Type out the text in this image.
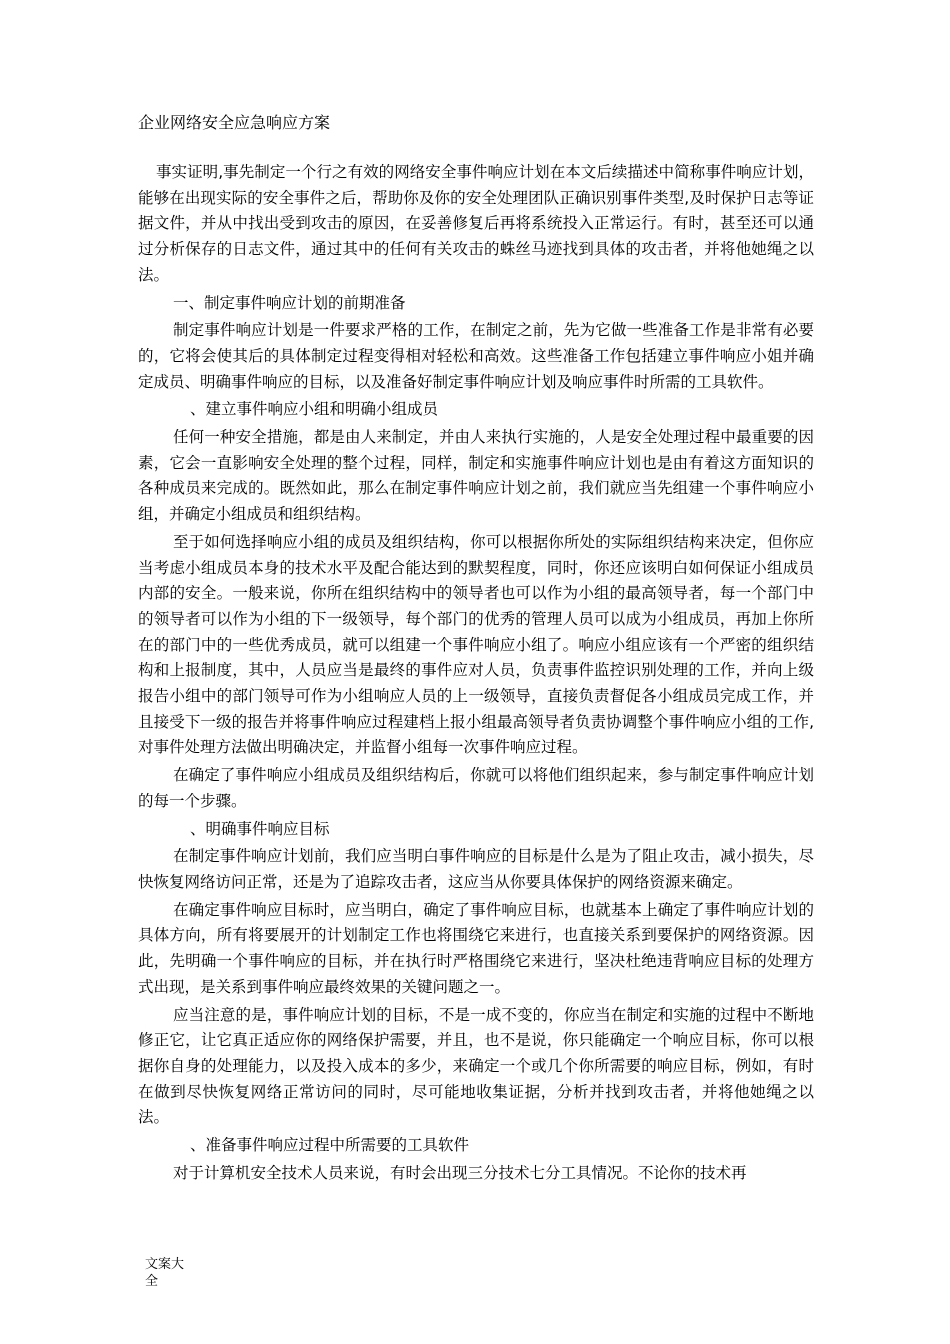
企业网络安全应急响应方案

事实证明,事先制定一个行之有效的网络安全事件响应计划在本文后续描述中简称事件响应计划，能够在出现实际的安全事件之后，帮助你及你的安全处理团队正确识别事件类型,及时保护日志等证据文件，并从中找出受到攻击的原因，在妥善修复后再将系统投入正常运行。有时，甚至还可以通过分析保存的日志文件，通过其中的任何有关攻击的蛛丝马迹找到具体的攻击者，并将他她绳之以法。

一、制定事件响应计划的前期准备

制定事件响应计划是一件要求严格的工作，在制定之前，先为它做一些准备工作是非常有必要的，它将会使其后的具体制定过程变得相对轻松和高效。这些准备工作包括建立事件响应小姐并确定成员、明确事件响应的目标，以及准备好制定事件响应计划及响应事件时所需的工具软件。

、建立事件响应小组和明确小组成员

任何一种安全措施，都是由人来制定，并由人来执行实施的，人是安全处理过程中最重要的因素，它会一直影响安全处理的整个过程，同样，制定和实施事件响应计划也是由有着这方面知识的各种成员来完成的。既然如此，那么在制定事件响应计划之前，我们就应当先组建一个事件响应小组，并确定小组成员和组织结构。

至于如何选择响应小组的成员及组织结构，你可以根据你所处的实际组织结构来决定，但你应当考虑小组成员本身的技术水平及配合能达到的默契程度，同时，你还应该明白如何保证小组成员内部的安全。一般来说，你所在组织结构中的领导者也可以作为小组的最高领导者，每一个部门中的领导者可以作为小组的下一级领导，每个部门的优秀的管理人员可以成为小组成员，再加上你所在的部门中的一些优秀成员，就可以组建一个事件响应小组了。响应小组应该有一个严密的组织结构和上报制度，其中，人员应当是最终的事件应对人员，负责事件监控识别处理的工作，并向上级报告小组中的部门领导可作为小组响应人员的上一级领导，直接负责督促各小组成员完成工作，并且接受下一级的报告并将事件响应过程建档上报小组最高领导者负责协调整个事件响应小组的工作,对事件处理方法做出明确决定，并监督小组每一次事件响应过程。

在确定了事件响应小组成员及组织结构后，你就可以将他们组织起来，参与制定事件响应计划的每一个步骤。

、明确事件响应目标

在制定事件响应计划前，我们应当明白事件响应的目标是什么是为了阻止攻击，减小损失，尽快恢复网络访问正常，还是为了追踪攻击者，这应当从你要具体保护的网络资源来确定。

在确定事件响应目标时，应当明白，确定了事件响应目标，也就基本上确定了事件响应计划的具体方向，所有将要展开的计划制定工作也将围绕它来进行，也直接关系到要保护的网络资源。因此，先明确一个事件响应的目标，并在执行时严格围绕它来进行，坚决杜绝违背响应目标的处理方式出现，是关系到事件响应最终效果的关键问题之一。

应当注意的是，事件响应计划的目标，不是一成不变的，你应当在制定和实施的过程中不断地修正它，让它真正适应你的网络保护需要，并且，也不是说，你只能确定一个响应目标，你可以根据你自身的处理能力，以及投入成本的多少，来确定一个或几个你所需要的响应目标，例如，有时在做到尽快恢复网络正常访问的同时，尽可能地收集证据，分析并找到攻击者，并将他她绳之以法。

、准备事件响应过程中所需要的工具软件

对于计算机安全技术人员来说，有时会出现三分技术七分工具情况。不论你的技术再

文案大全
